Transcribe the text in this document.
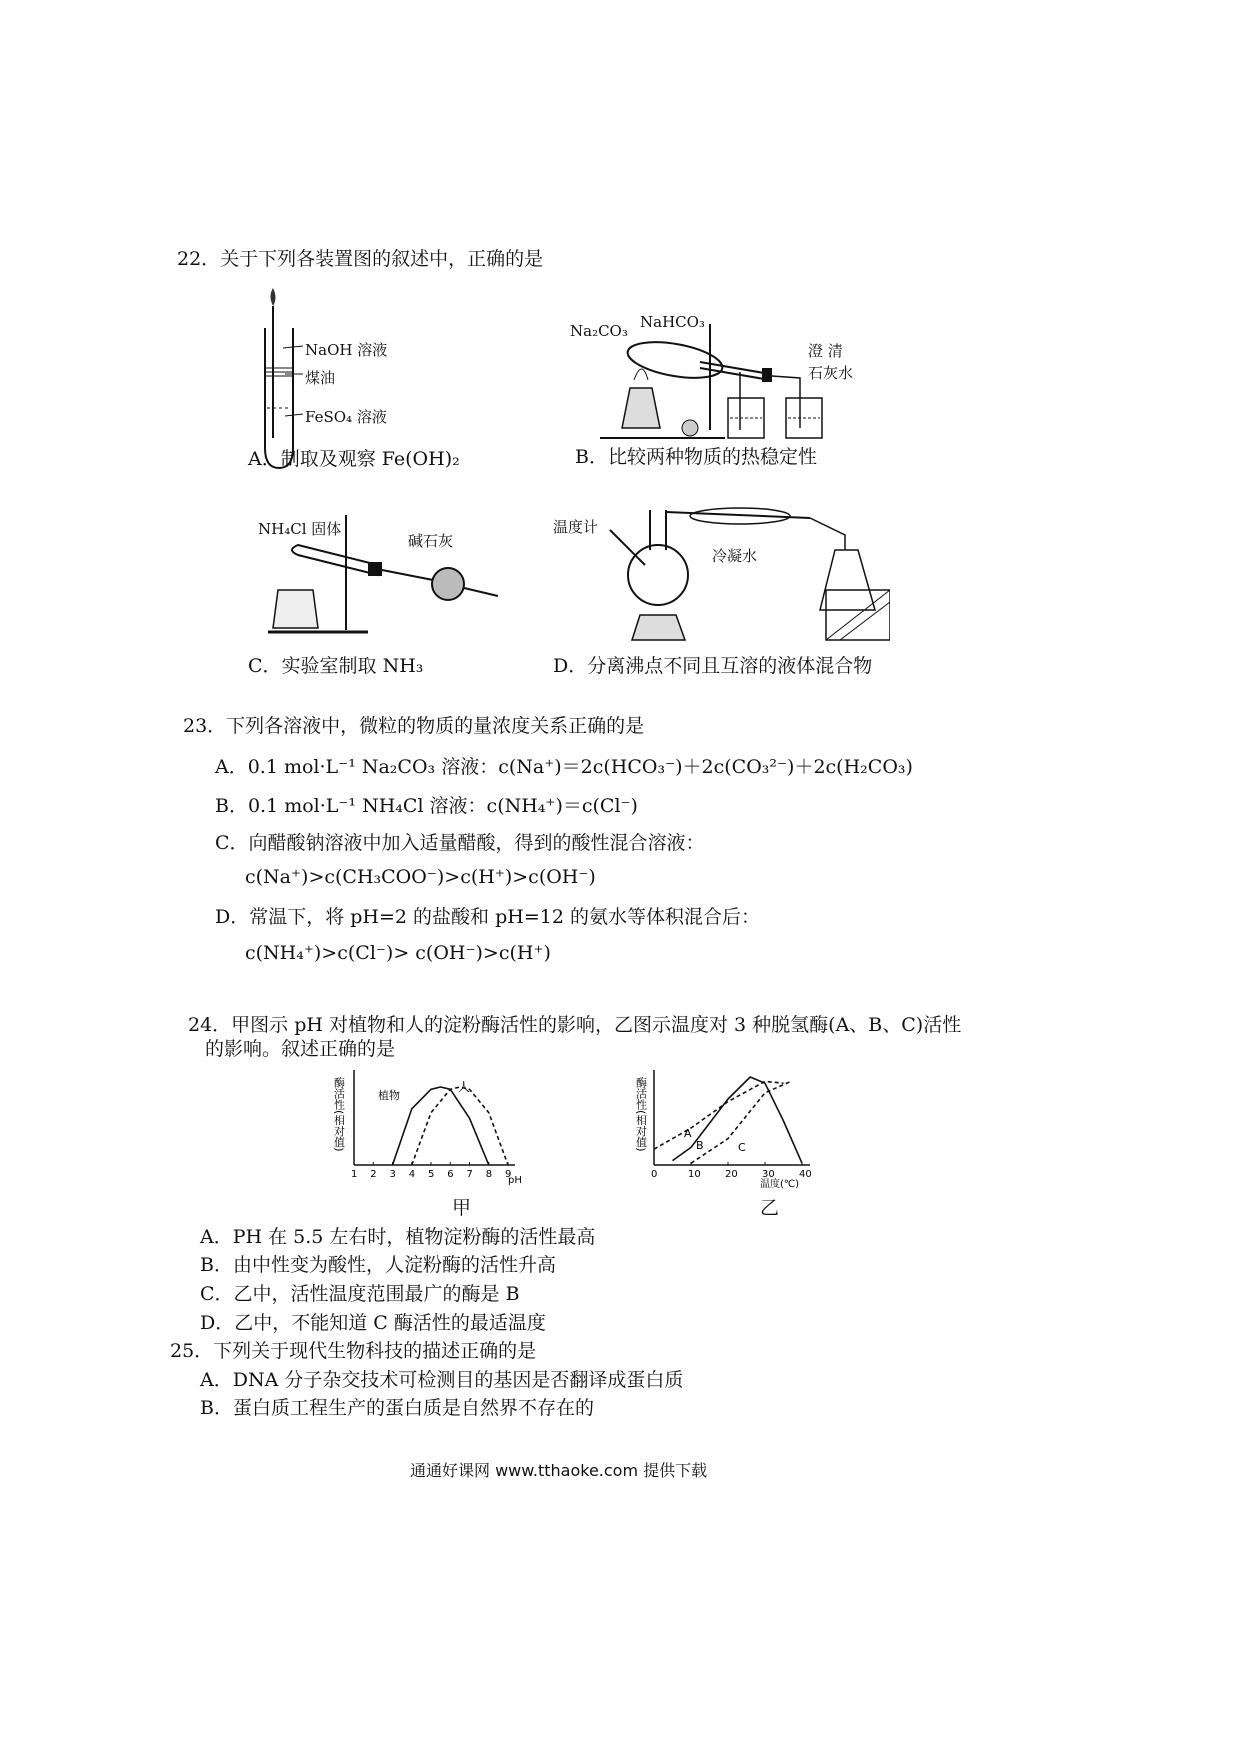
22．关于下列各装置图的叙述中，正确的是
NaOH 溶液
煤油
FeSO₄ 溶液
A．制取及观察 Fe(OH)₂
Na₂CO₃ NaHCO₃
澄 清
石灰水
B．比较两种物质的热稳定性
NH₄Cl 固体
碱石灰
C．实验室制取 NH₃
温度计
冷凝水
D．分离沸点不同且互溶的液体混合物
23．下列各溶液中，微粒的物质的量浓度关系正确的是
A．0.1 mol·L⁻¹ Na₂CO₃ 溶液：c(Na⁺)＝2c(HCO₃⁻)＋2c(CO₃²⁻)＋2c(H₂CO₃)
B．0.1 mol·L⁻¹ NH₄Cl 溶液：c(NH₄⁺)＝c(Cl⁻)
C．向醋酸钠溶液中加入适量醋酸，得到的酸性混合溶液：
c(Na⁺)>c(CH₃COO⁻)>c(H⁺)>c(OH⁻)
D．常温下，将 pH=2 的盐酸和 pH=12 的氨水等体积混合后：
c(NH₄⁺)>c(Cl⁻)> c(OH⁻)>c(H⁺)
24．甲图示 pH 对植物和人的淀粉酶活性的影响，乙图示温度对 3 种脱氢酶(A、B、C)活性
的影响。叙述正确的是
酶活性(相对值)
1 2 3 4 5 6 7 8 9
植物
人
pH
甲
酶活性(相对值)
0	10 20 30 40
A
B	C
温度(℃)
乙
A．PH 在 5.5 左右时，植物淀粉酶的活性最高
B．由中性变为酸性，人淀粉酶的活性升高
C．乙中，活性温度范围最广的酶是 B
D．乙中，不能知道 C 酶活性的最适温度
25．下列关于现代生物科技的描述正确的是
A．DNA 分子杂交技术可检测目的基因是否翻译成蛋白质
B．蛋白质工程生产的蛋白质是自然界不存在的
通通好课网 www.tthaoke.com 提供下载
